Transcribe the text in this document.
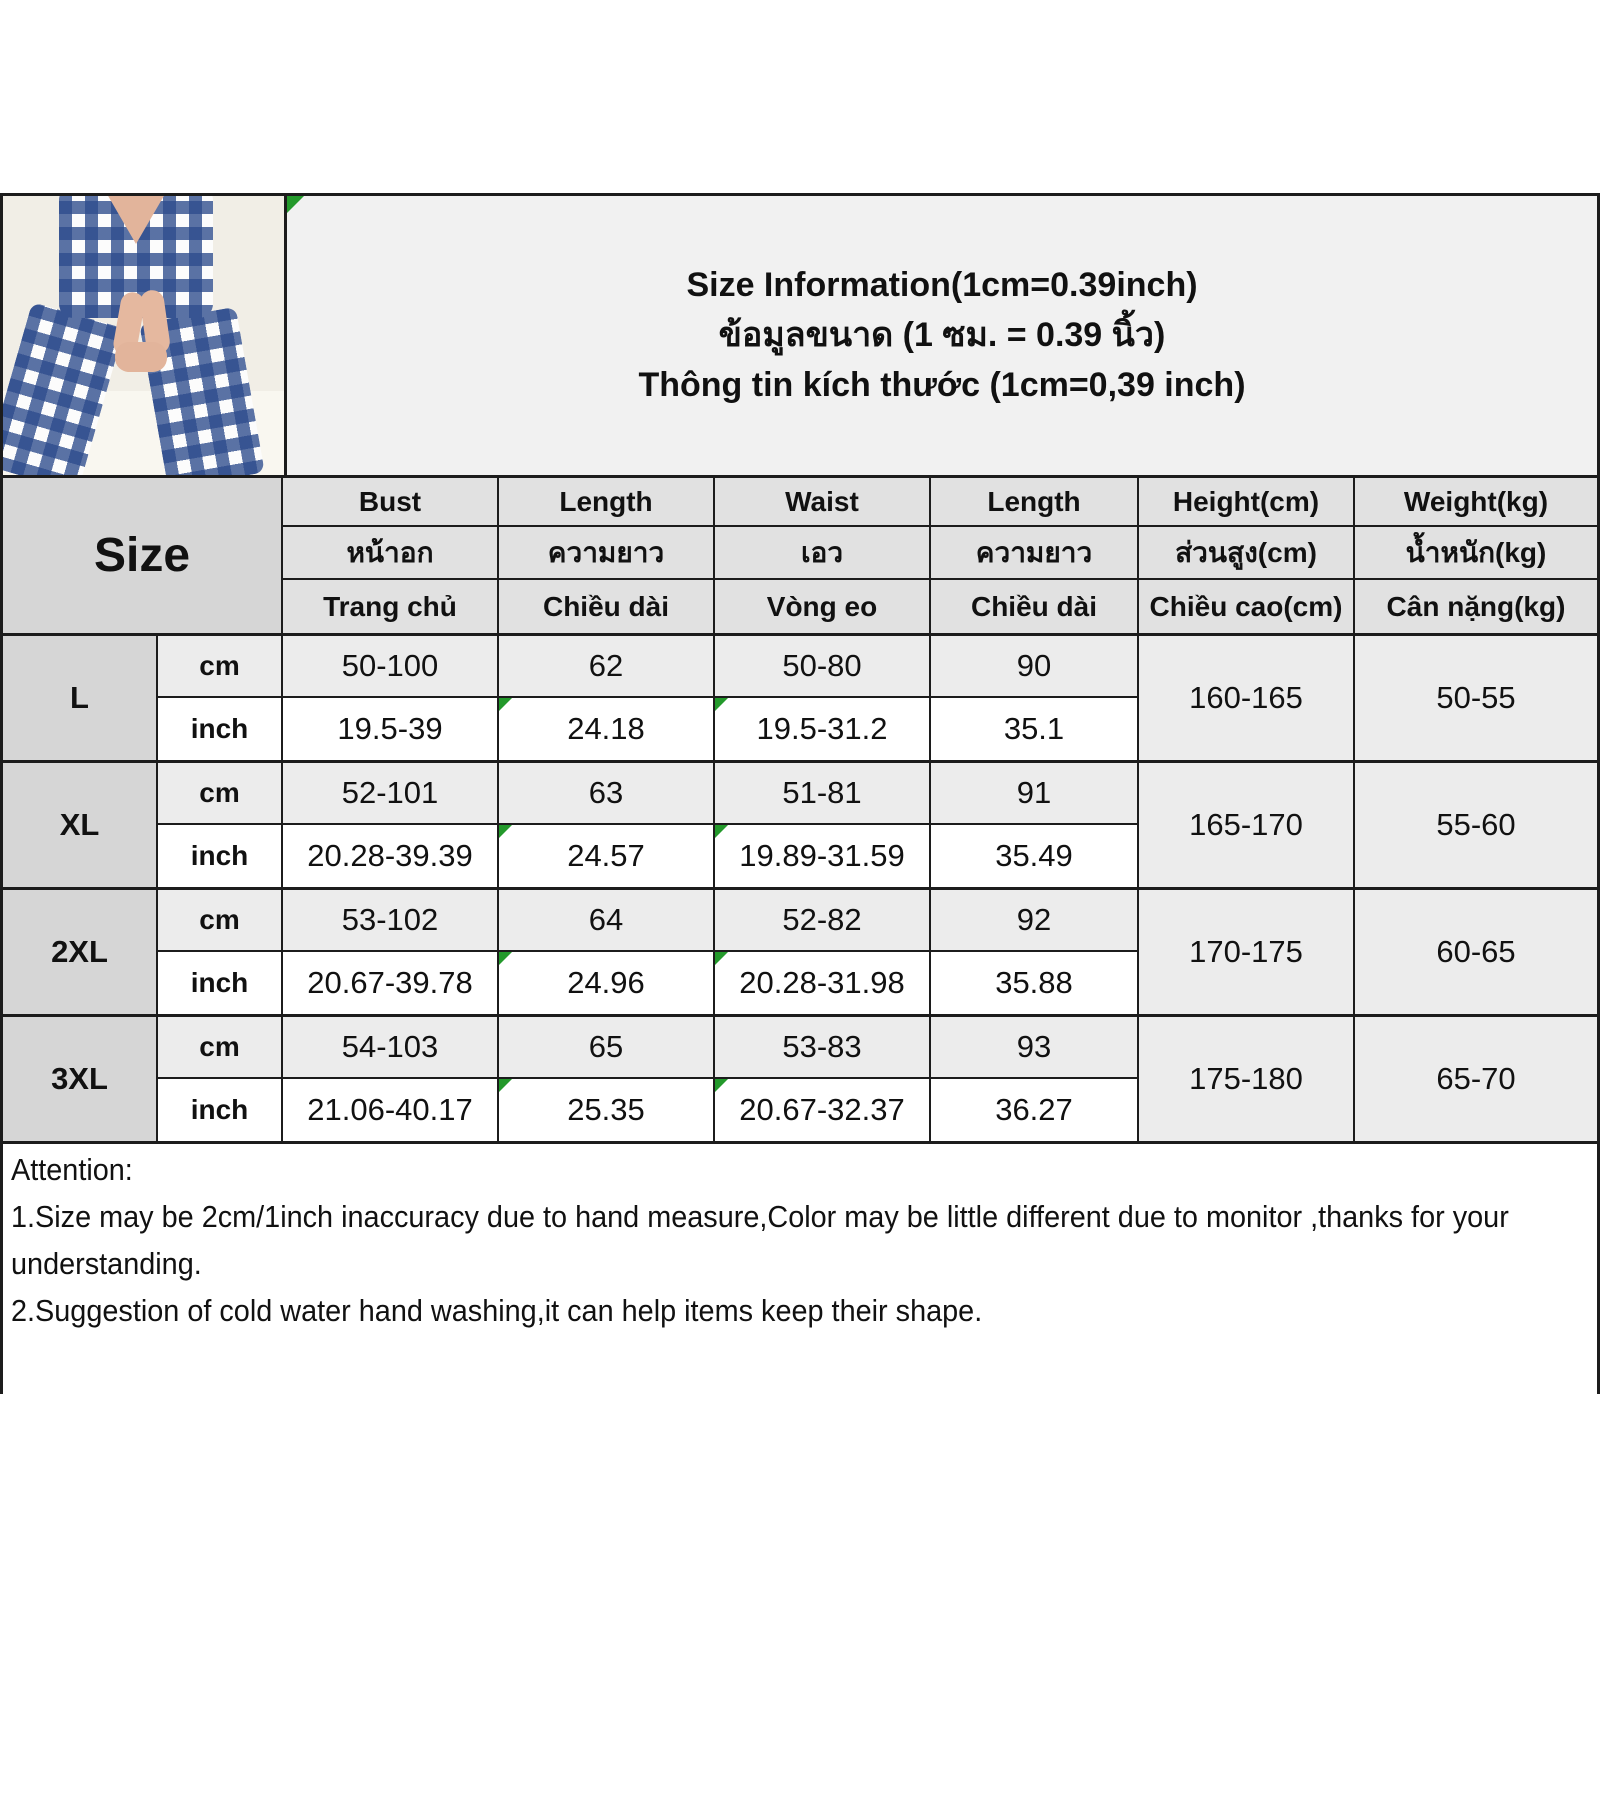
Size Information(1cm=0.39inch)
ข้อมูลขนาด (1 ซม. = 0.39 นิ้ว)
Thông tin kích thước (1cm=0,39 inch)
Size
Bust	Length	Waist	Length	Height(cm)	Weight(kg)
หน้าอก	ความยาว	เอว	ความยาว	ส่วนสูง(cm)	น้ำหนัก(kg)
Trang chủ	Chiều dài	Vòng eo	Chiều dài	Chiều cao(cm)	Cân nặng(kg)
L
cm	50-100	62	50-80	90
160-165	50-55
inch	19.5-39	24.18	19.5-31.2	35.1
XL
cm	52-101	63	51-81	91
165-170	55-60
inch	20.28-39.39	24.57	19.89-31.59	35.49
2XL
cm	53-102	64	52-82	92
170-175	60-65
inch	20.67-39.78	24.96	20.28-31.98	35.88
3XL
cm	54-103	65	53-83	93
175-180	65-70
inch	21.06-40.17	25.35	20.67-32.37	36.27
Attention:
1.Size may be 2cm/1inch inaccuracy due to hand measure,Color may be little different due to monitor ,thanks for your understanding.
2.Suggestion of cold water hand washing,it can help items keep their shape.
